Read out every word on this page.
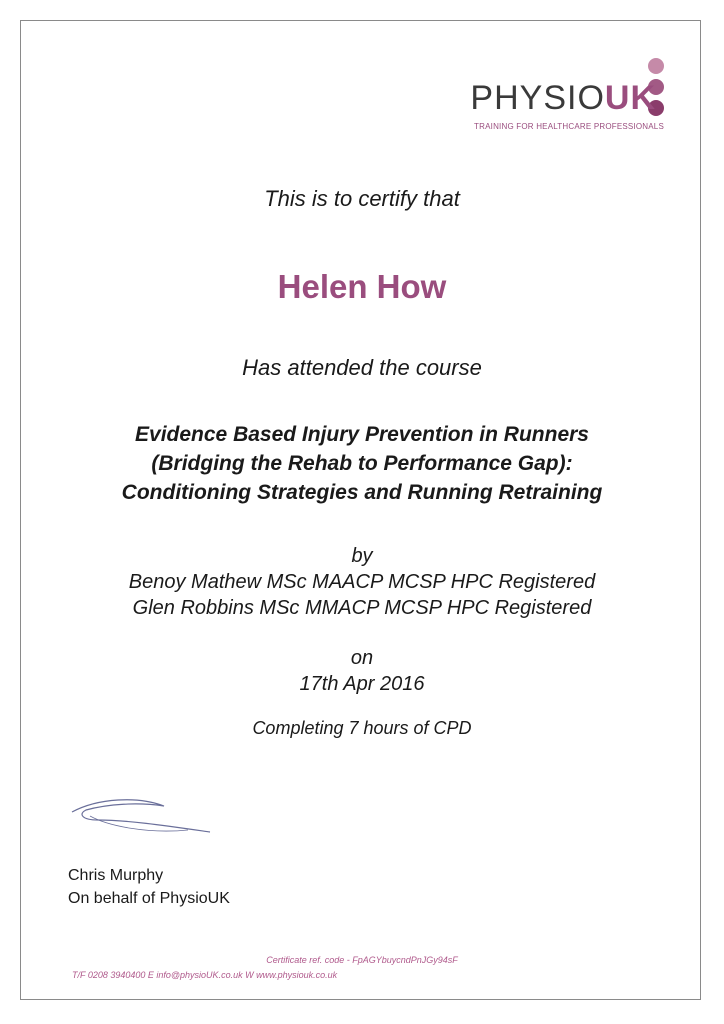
PHYSIOUK
TRAINING FOR HEALTHCARE PROFESSIONALS
This is to certify that
Helen How
Has attended the course
Evidence Based Injury Prevention in Runners
(Bridging the Rehab to Performance Gap):
Conditioning Strategies and Running Retraining
by
Benoy Mathew MSc MAACP MCSP HPC Registered
Glen Robbins MSc MMACP MCSP HPC Registered
on
17th Apr 2016
Completing 7 hours of CPD
Chris Murphy
On behalf of PhysioUK
Certificate ref. code - FpAGYbuycndPnJGy94sF
T/F 0208 3940400 E info@physioUK.co.uk W www.physiouk.co.uk
